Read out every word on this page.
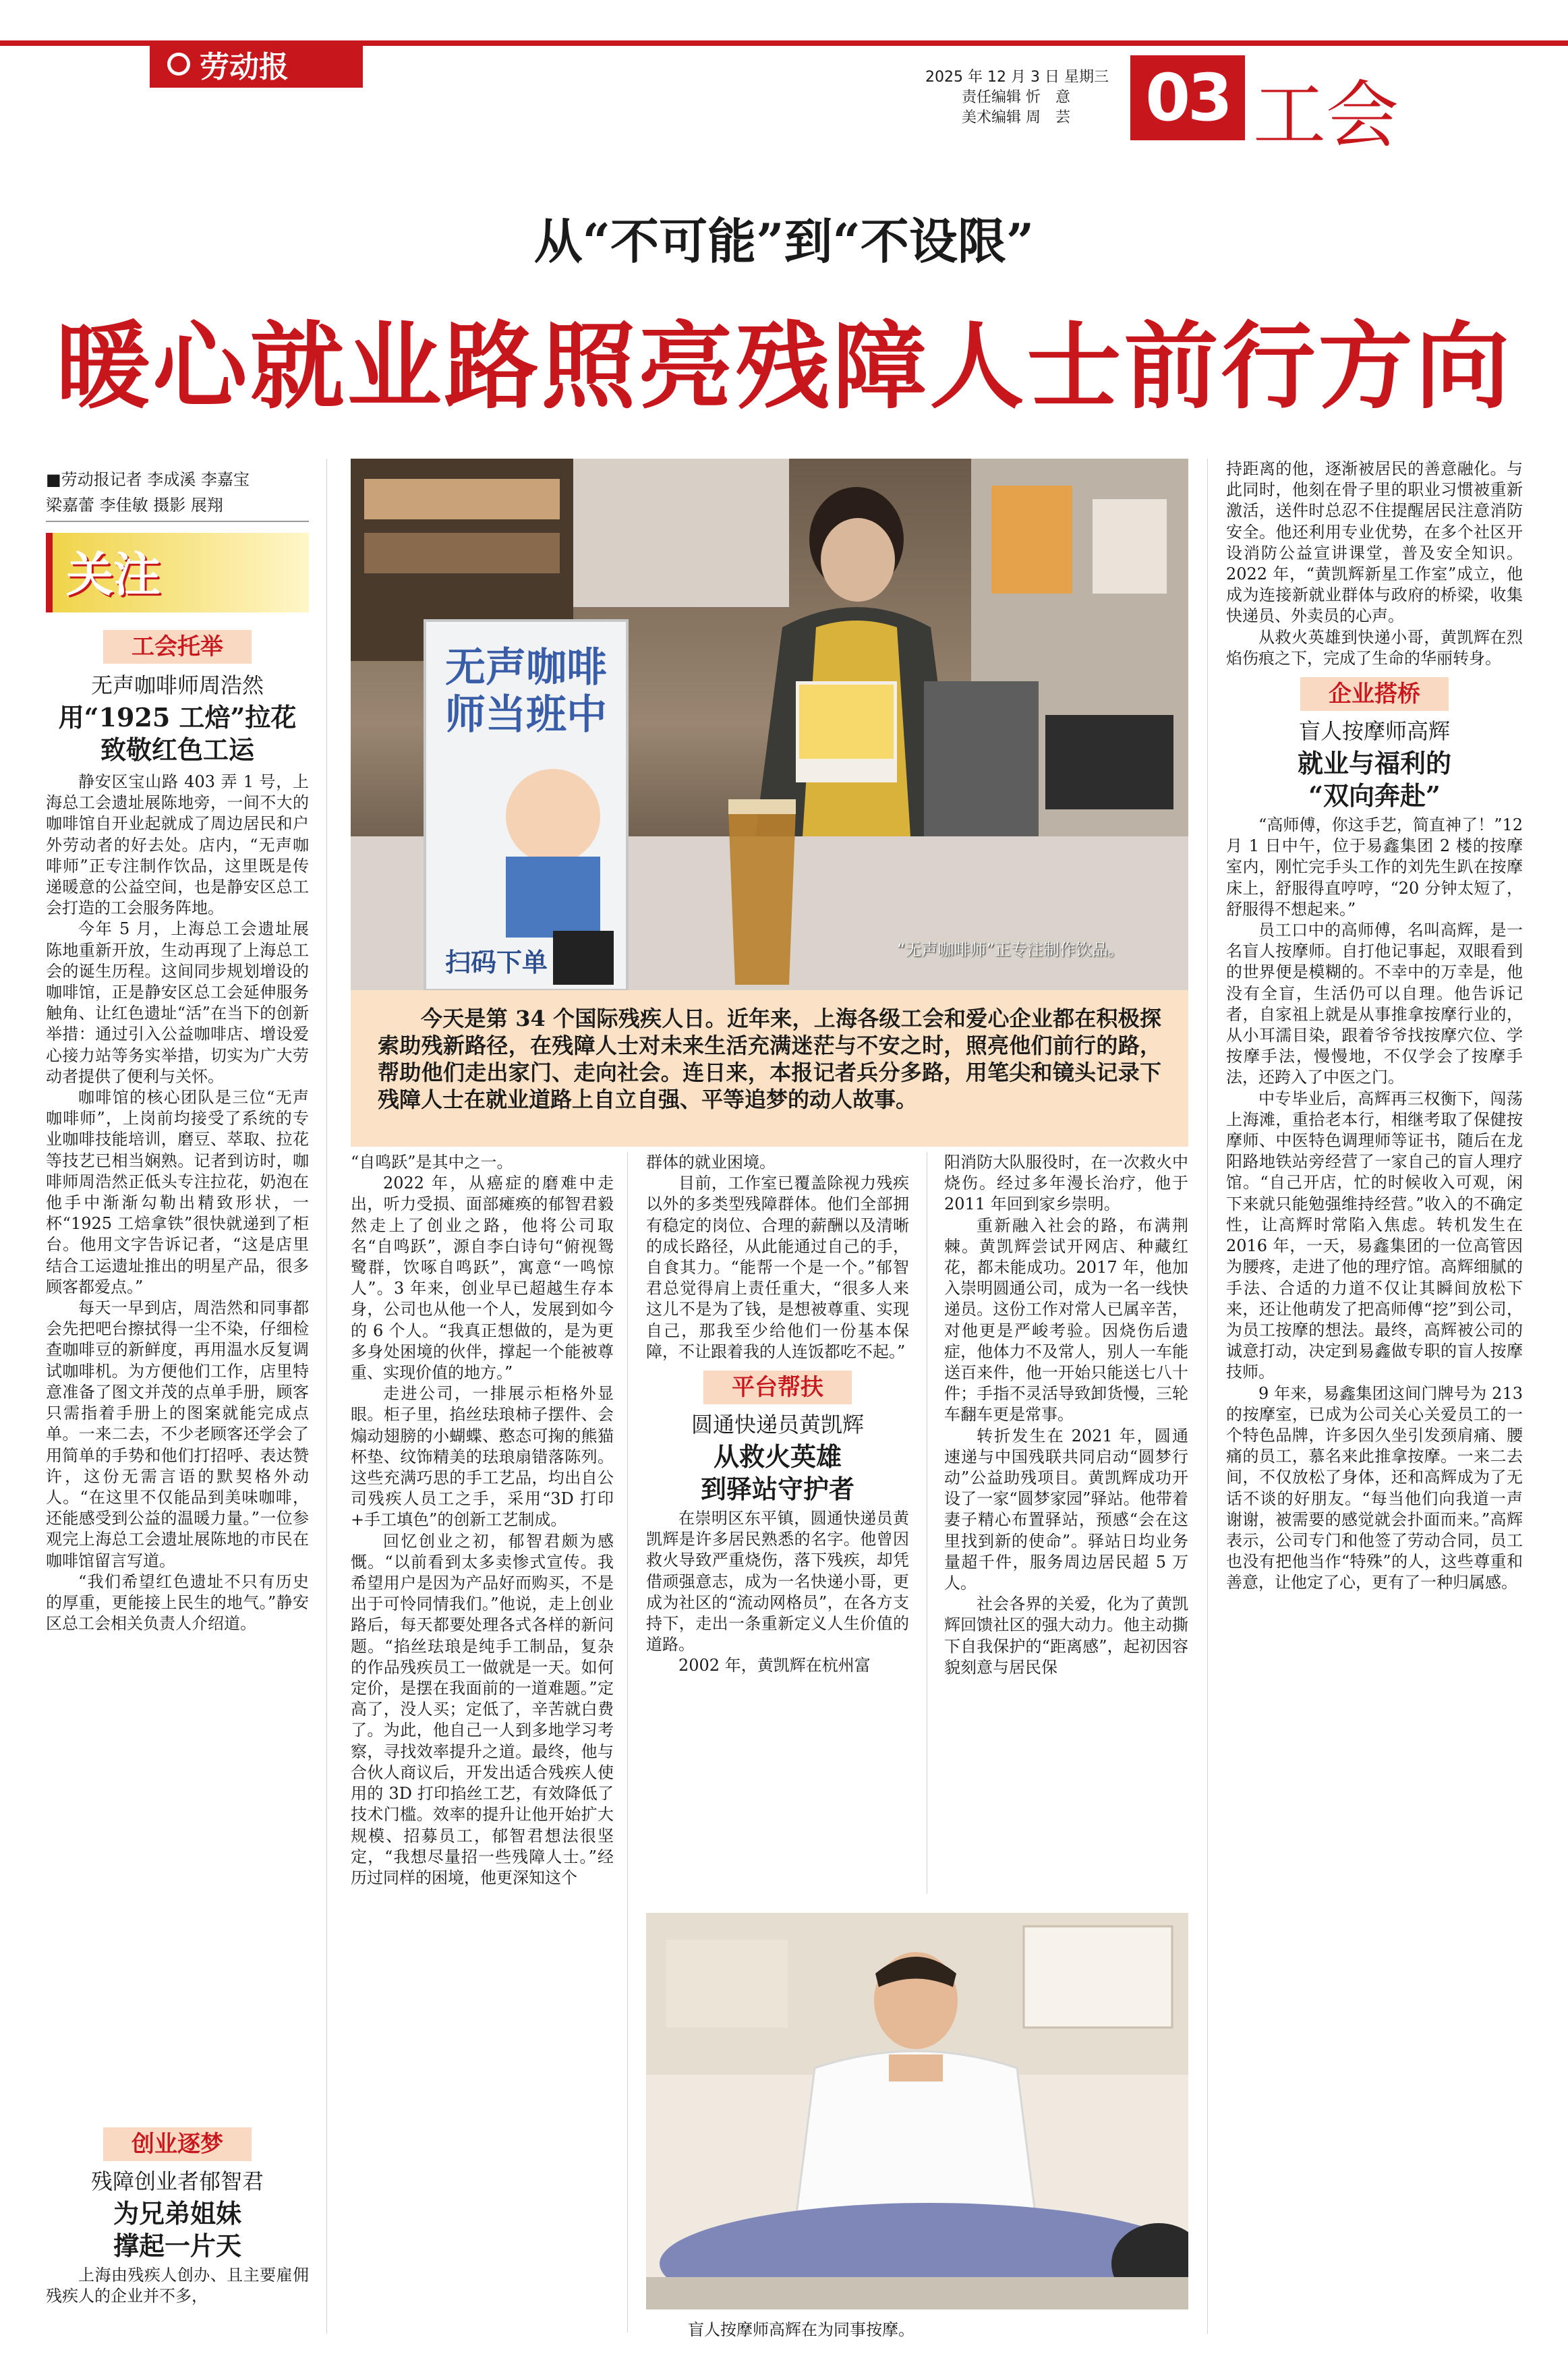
劳动报	2025 年 12 月 3 日 星期三
责任编辑 忻　意
美术编辑 周　芸	03 工会
从“不可能”到“不设限”
暖心就业路照亮残障人士前行方向
■劳动报记者 李成溪 李嘉宝
梁嘉蕾 李佳敏 摄影 展翔
关注
工会托举
无声咖啡师周浩然
用“1925 工焙”拉花
致敬红色工运

静安区宝山路 403 弄 1 号，上海总工会遗址展陈地旁，一间不大的咖啡馆自开业起就成了周边居民和户外劳动者的好去处。店内，“无声咖啡师”正专注制作饮品，这里既是传递暖意的公益空间，也是静安区总工会打造的工会服务阵地。

今年 5 月，上海总工会遗址展陈地重新开放，生动再现了上海总工会的诞生历程。这间同步规划增设的咖啡馆，正是静安区总工会延伸服务触角、让红色遗址“活”在当下的创新举措：通过引入公益咖啡店、增设爱心接力站等务实举措，切实为广大劳动者提供了便利与关怀。

咖啡馆的核心团队是三位“无声咖啡师”，上岗前均接受了系统的专业咖啡技能培训，磨豆、萃取、拉花等技艺已相当娴熟。记者到访时，咖啡师周浩然正低头专注拉花，奶泡在他手中渐渐勾勒出精致形状，一杯“1925 工焙拿铁”很快就递到了柜台。他用文字告诉记者，“这是店里结合工运遗址推出的明星产品，很多顾客都爱点。”

每天一早到店，周浩然和同事都会先把吧台擦拭得一尘不染，仔细检查咖啡豆的新鲜度，再用温水反复调试咖啡机。为方便他们工作，店里特意准备了图文并茂的点单手册，顾客只需指着手册上的图案就能完成点单。一来二去，不少老顾客还学会了用简单的手势和他们打招呼、表达赞许，这份无需言语的默契格外动人。“在这里不仅能品到美味咖啡，还能感受到公益的温暖力量。”一位参观完上海总工会遗址展陈地的市民在咖啡馆留言写道。

“我们希望红色遗址不只有历史的厚重，更能接上民生的地气。”静安区总工会相关负责人介绍道。

创业逐梦
残障创业者郁智君
为兄弟姐妹
撑起一片天

上海由残疾人创办、且主要雇佣残疾人的企业并不多，

无声咖啡
师当班中
扫码下单	“无声咖啡师”正专注制作饮品。

今天是第 34 个国际残疾人日。近年来，上海各级工会和爱心企业都在积极探索助残新路径，在残障人士对未来生活充满迷茫与不安之时，照亮他们前行的路，帮助他们走出家门、走向社会。连日来，本报记者兵分多路，用笔尖和镜头记录下残障人士在就业道路上自立自强、平等追梦的动人故事。

“自鸣跃”是其中之一。

2022 年，从癌症的磨难中走出，听力受损、面部瘫痪的郁智君毅然走上了创业之路，他将公司取名“自鸣跃”，源自李白诗句“俯视鸳鹭群，饮啄自鸣跃”，寓意“一鸣惊人”。3 年来，创业早已超越生存本身，公司也从他一个人，发展到如今的 6 个人。“我真正想做的，是为更多身处困境的伙伴，撑起一个能被尊重、实现价值的地方。”

走进公司，一排展示柜格外显眼。柜子里，掐丝珐琅柿子摆件、会煽动翅膀的小蝴蝶、憨态可掬的熊猫杯垫、纹饰精美的珐琅扇错落陈列。这些充满巧思的手工艺品，均出自公司残疾人员工之手，采用“3D 打印+手工填色”的创新工艺制成。

回忆创业之初，郁智君颇为感慨。“以前看到太多卖惨式宣传。我希望用户是因为产品好而购买，不是出于可怜同情我们。”他说，走上创业路后，每天都要处理各式各样的新问题。“掐丝珐琅是纯手工制品，复杂的作品残疾员工一做就是一天。如何定价，是摆在我面前的一道难题。”定高了，没人买；定低了，辛苦就白费了。为此，他自己一人到多地学习考察，寻找效率提升之道。最终，他与合伙人商议后，开发出适合残疾人使用的 3D 打印掐丝工艺，有效降低了技术门槛。效率的提升让他开始扩大规模、招募员工，郁智君想法很坚定，“我想尽量招一些残障人士。”经历过同样的困境，他更深知这个

群体的就业困境。

目前，工作室已覆盖除视力残疾以外的多类型残障群体。他们全部拥有稳定的岗位、合理的薪酬以及清晰的成长路径，从此能通过自己的手，自食其力。“能帮一个是一个。”郁智君总觉得肩上责任重大，“很多人来这儿不是为了钱，是想被尊重、实现自己，那我至少给他们一份基本保障，不让跟着我的人连饭都吃不起。”

平台帮扶
圆通快递员黄凯辉
从救火英雄
到驿站守护者

在崇明区东平镇，圆通快递员黄凯辉是许多居民熟悉的名字。他曾因救火导致严重烧伤，落下残疾，却凭借顽强意志，成为一名快递小哥，更成为社区的“流动网格员”，在各方支持下，走出一条重新定义人生价值的道路。

2002 年，黄凯辉在杭州富

阳消防大队服役时，在一次救火中烧伤。经过多年漫长治疗，他于 2011 年回到家乡崇明。

重新融入社会的路，布满荆棘。黄凯辉尝试开网店、种藏红花，都未能成功。2017 年，他加入崇明圆通公司，成为一名一线快递员。这份工作对常人已属辛苦，对他更是严峻考验。因烧伤后遗症，他体力不及常人，别人一车能送百来件，他一开始只能送七八十件；手指不灵活导致卸货慢，三轮车翻车更是常事。

转折发生在 2021 年，圆通速递与中国残联共同启动“圆梦行动”公益助残项目。黄凯辉成功开设了一家“圆梦家园”驿站。他带着妻子精心布置驿站，预感“会在这里找到新的使命”。驿站日均业务量超千件，服务周边居民超 5 万人。

社会各界的关爱，化为了黄凯辉回馈社区的强大动力。他主动撕下自我保护的“距离感”，起初因容貌刻意与居民保

盲人按摩师高辉在为同事按摩。

持距离的他，逐渐被居民的善意融化。与此同时，他刻在骨子里的职业习惯被重新激活，送件时总忍不住提醒居民注意消防安全。他还利用专业优势，在多个社区开设消防公益宣讲课堂，普及安全知识。2022 年，“黄凯辉新星工作室”成立，他成为连接新就业群体与政府的桥梁，收集快递员、外卖员的心声。

从救火英雄到快递小哥，黄凯辉在烈焰伤痕之下，完成了生命的华丽转身。

企业搭桥
盲人按摩师高辉
就业与福利的
“双向奔赴”

“高师傅，你这手艺，简直神了！”12 月 1 日中午，位于易鑫集团 2 楼的按摩室内，刚忙完手头工作的刘先生趴在按摩床上，舒服得直哼哼，“20 分钟太短了，舒服得不想起来。”

员工口中的高师傅，名叫高辉，是一名盲人按摩师。自打他记事起，双眼看到的世界便是模糊的。不幸中的万幸是，他没有全盲，生活仍可以自理。他告诉记者，自家祖上就是从事推拿按摩行业的，从小耳濡目染，跟着爷爷找按摩穴位、学按摩手法，慢慢地，不仅学会了按摩手法，还跨入了中医之门。

中专毕业后，高辉再三权衡下，闯荡上海滩，重拾老本行，相继考取了保健按摩师、中医特色调理师等证书，随后在龙阳路地铁站旁经营了一家自己的盲人理疗馆。“自己开店，忙的时候收入可观，闲下来就只能勉强维持经营。”收入的不确定性，让高辉时常陷入焦虑。转机发生在 2016 年，一天，易鑫集团的一位高管因为腰疼，走进了他的理疗馆。高辉细腻的手法、合适的力道不仅让其瞬间放松下来，还让他萌发了把高师傅“挖”到公司，为员工按摩的想法。最终，高辉被公司的诚意打动，决定到易鑫做专职的盲人按摩技师。

9 年来，易鑫集团这间门牌号为 213 的按摩室，已成为公司关心关爱员工的一个特色品牌，许多因久坐引发颈肩痛、腰痛的员工，慕名来此推拿按摩。一来二去间，不仅放松了身体，还和高辉成为了无话不谈的好朋友。“每当他们向我道一声谢谢，被需要的感觉就会扑面而来。”高辉表示，公司专门和他签了劳动合同，员工也没有把他当作“特殊”的人，这些尊重和善意，让他定了心，更有了一种归属感。
